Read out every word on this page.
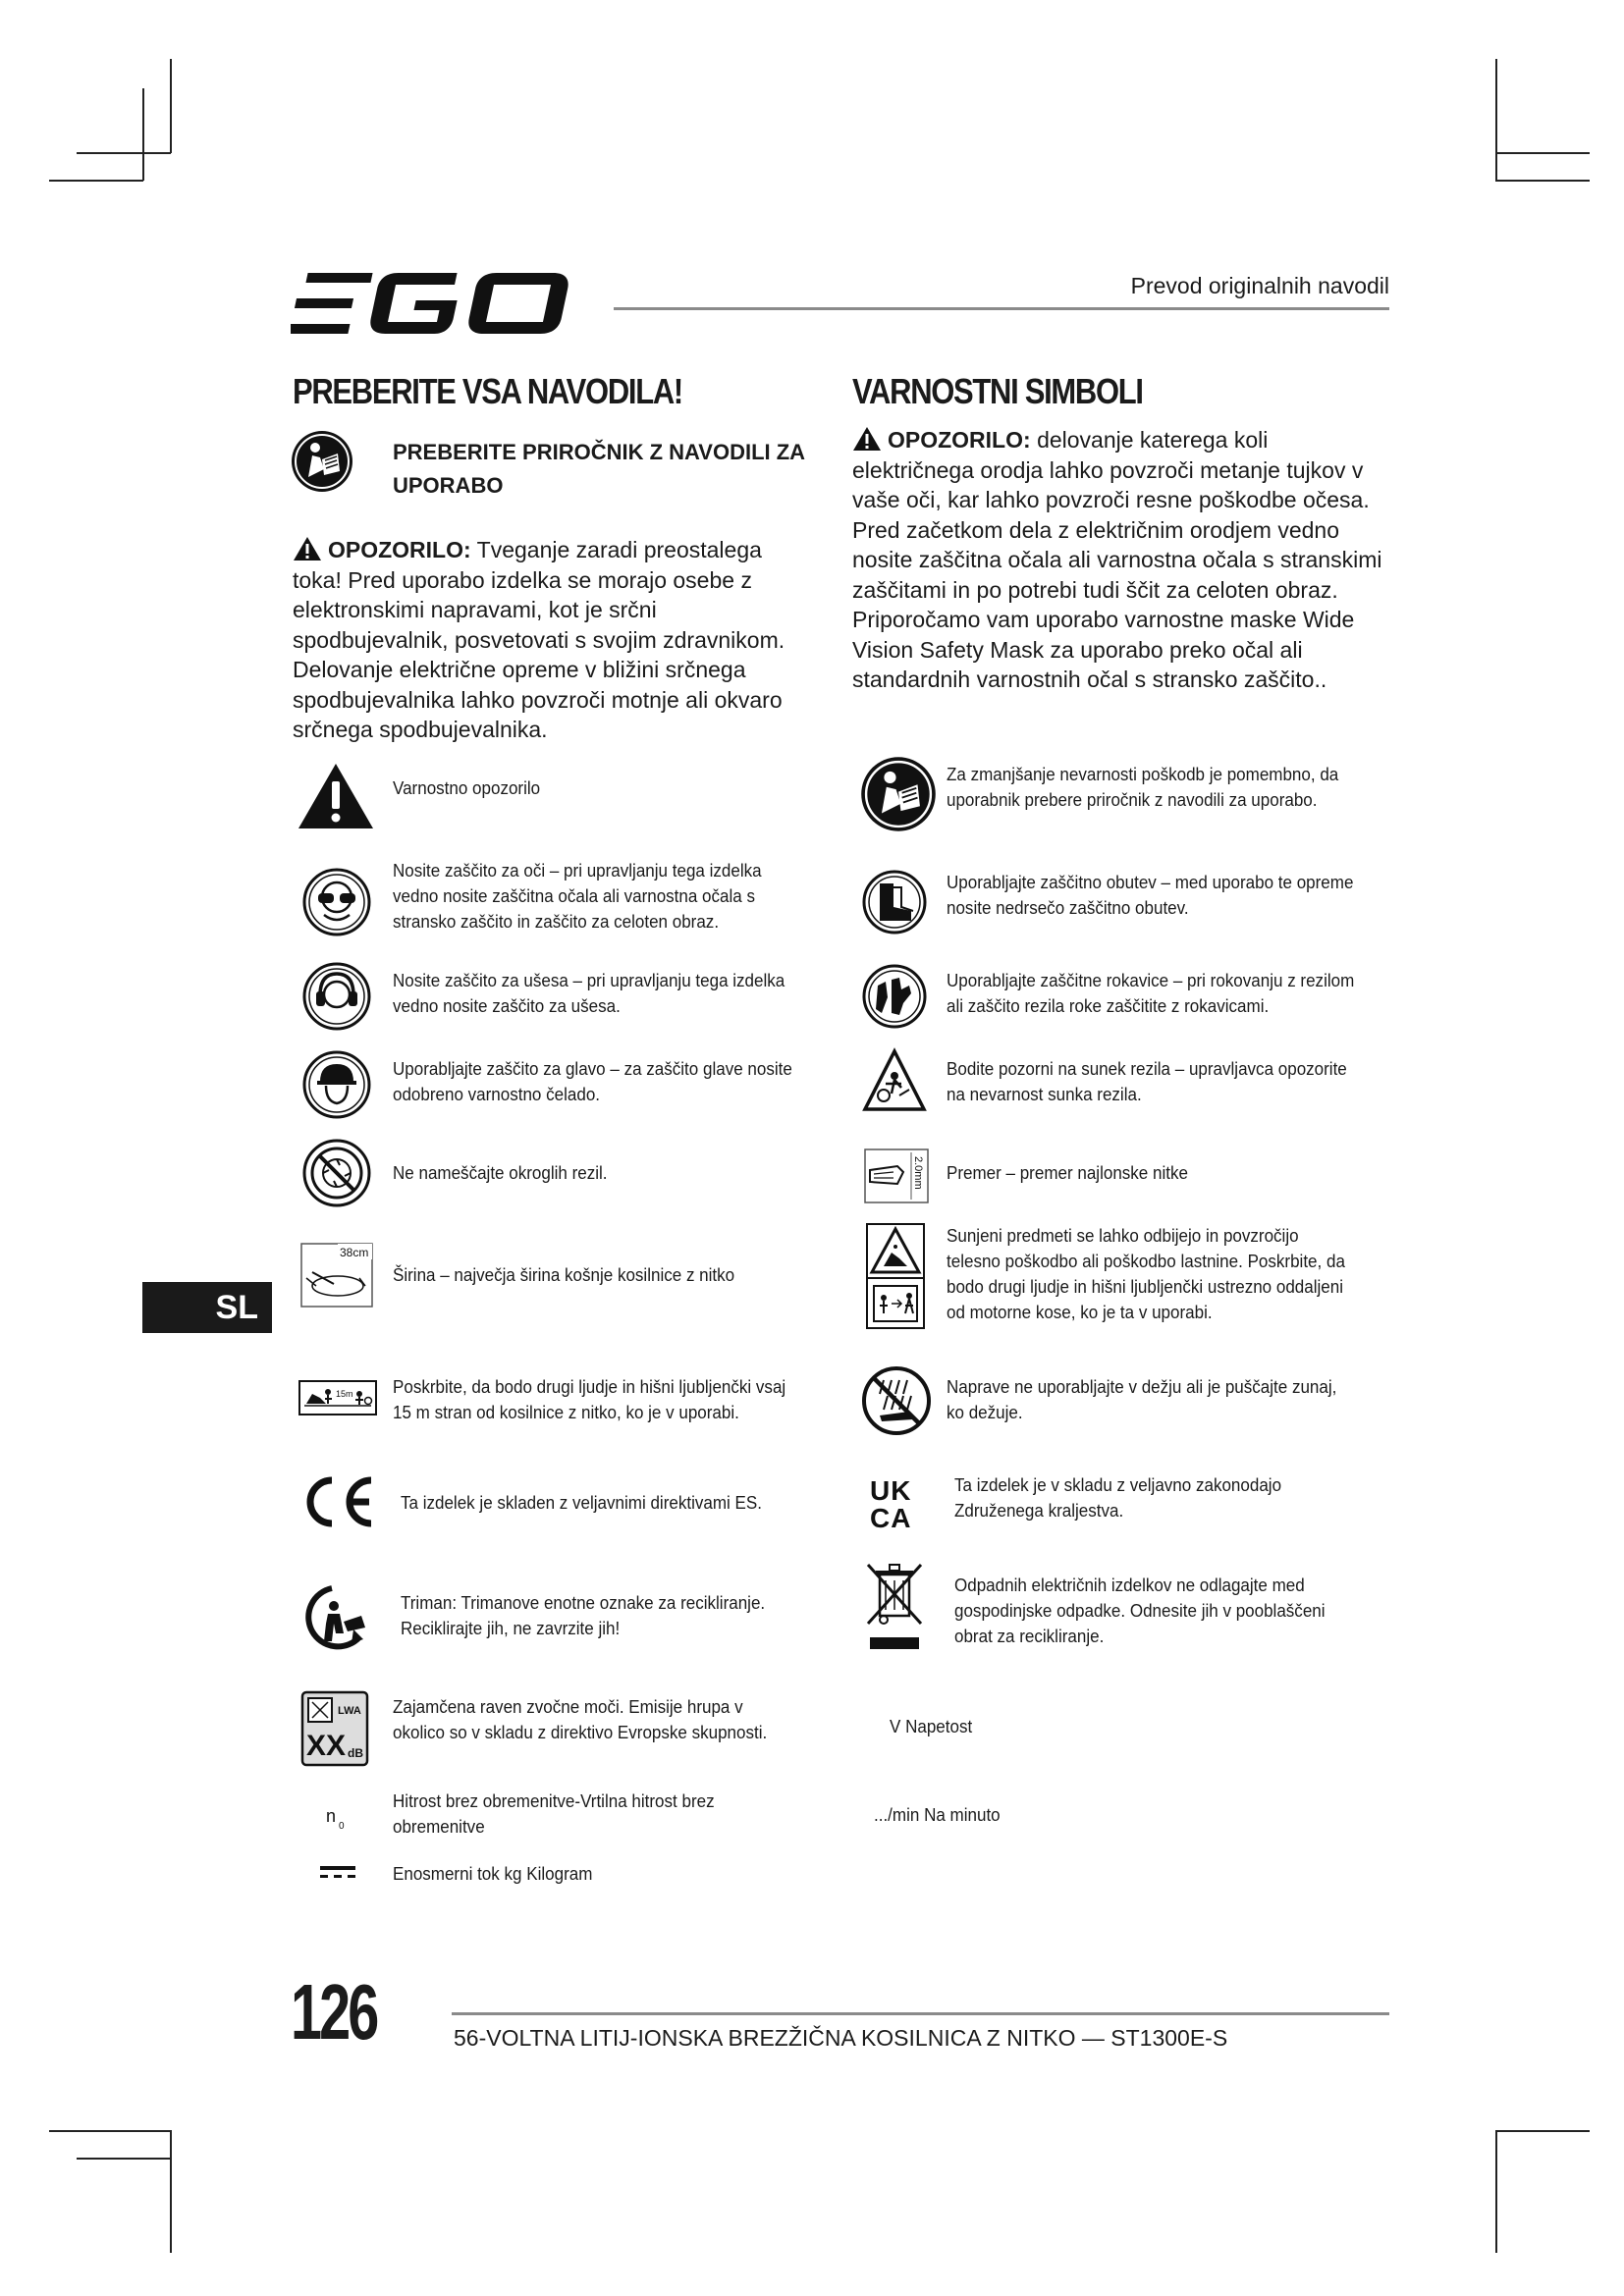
Prevod originalnih navodil
PREBERITE VSA NAVODILA!
PREBERITE PRIROČNIK Z NAVODILI ZA UPORABO
OPOZORILO: Tveganje zaradi preostalega toka! Pred uporabo izdelka se morajo osebe z elektronskimi napravami, kot je srčni spodbujevalnik, posvetovati s svojim zdravnikom. Delovanje električne opreme v bližini srčnega spodbujevalnika lahko povzroči motnje ali okvaro srčnega spodbujevalnika.
VARNOSTNI SIMBOLI
OPOZORILO: delovanje katerega koli električnega orodja lahko povzroči metanje tujkov v vaše oči, kar lahko povzroči resne poškodbe očesa. Pred začetkom dela z električnim orodjem vedno nosite zaščitna očala ali varnostna očala s stranskimi zaščitami in po potrebi tudi ščit za celoten obraz. Priporočamo vam uporabo varnostne maske Wide Vision Safety Mask za uporabo preko očal ali standardnih varnostnih očal s stransko zaščito..
Varnostno opozorilo
Nosite zaščito za oči – pri upravljanju tega izdelka vedno nosite zaščitna očala ali varnostna očala s stransko zaščito in zaščito za celoten obraz.
Nosite zaščito za ušesa – pri upravljanju tega izdelka vedno nosite zaščito za ušesa.
Uporabljajte zaščito za glavo – za zaščito glave nosite odobreno varnostno čelado.
Ne nameščajte okroglih rezil.
38cm
Širina – največja širina košnje kosilnice z nitko
15m Poskrbite, da bodo drugi ljudje in hišni ljubljenčki vsaj 15 m stran od kosilnice z nitko, ko je v uporabi.
CE
Ta izdelek je skladen z veljavnimi direktivami ES.
Triman: Trimanove enotne oznake za recikliranje. Reciklirajte jih, ne zavrzite jih!
LWA
XX dB
Zajamčena raven zvočne moči. Emisije hrupa v okolico so v skladu z direktivo Evropske skupnosti.
n
0
Hitrost brez obremenitve-Vrtilna hitrost brez obremenitve
Enosmerni tok kg Kilogram
Za zmanjšanje nevarnosti poškodb je pomembno, da uporabnik prebere priročnik z navodili za uporabo.
Uporabljajte zaščitno obutev – med uporabo te opreme nosite nedrsečo zaščitno obutev.
Uporabljajte zaščitne rokavice – pri rokovanju z rezilom ali zaščito rezila roke zaščitite z rokavicami.
Bodite pozorni na sunek rezila – upravljavca opozorite na nevarnost sunka rezila.
2.0mm Premer – premer najlonske nitke
Sunjeni predmeti se lahko odbijejo in povzročijo telesno poškodbo ali poškodbo lastnine. Poskrbite, da bodo drugi ljudje in hišni ljubljenčki ustrezno oddaljeni od motorne kose, ko je ta v uporabi.
Naprave ne uporabljajte v dežju ali je puščajte zunaj, ko dežuje.
UK
CA
Ta izdelek je v skladu z veljavno zakonodajo Združenega kraljestva.
Odpadnih električnih izdelkov ne odlagajte med gospodinjske odpadke. Odnesite jih v pooblaščeni obrat za recikliranje.
V Napetost
.../min Na minuto
SL
126	56-VOLTNA LITIJ-IONSKA BREZŽIČNA KOSILNICA Z NITKO — ST1300E-S
